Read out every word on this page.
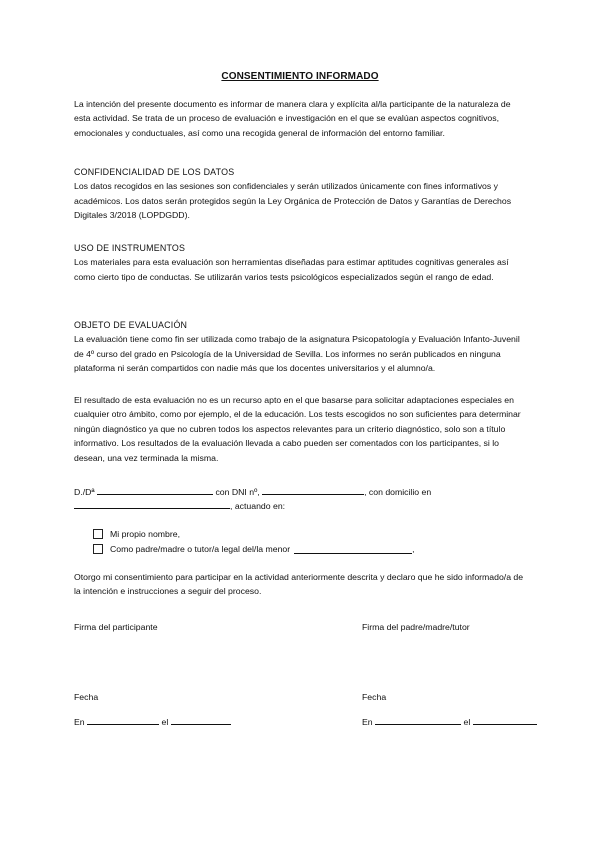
CONSENTIMIENTO INFORMADO

La intención del presente documento es informar de manera clara y explícita al/la participante de la naturaleza de esta actividad. Se trata de un proceso de evaluación e investigación en el que se evalúan aspectos cognitivos, emocionales y conductuales, así como una recogida general de información del entorno familiar.

CONFIDENCIALIDAD DE LOS DATOS

Los datos recogidos en las sesiones son confidenciales y serán utilizados únicamente con fines informativos y académicos. Los datos serán protegidos según la Ley Orgánica de Protección de Datos y Garantías de Derechos Digitales 3/2018 (LOPDGDD).

USO DE INSTRUMENTOS

Los materiales para esta evaluación son herramientas diseñadas para estimar aptitudes cognitivas generales así como cierto tipo de conductas. Se utilizarán varios tests psicológicos especializados según el rango de edad.

OBJETO DE EVALUACIÓN

La evaluación tiene como fin ser utilizada como trabajo de la asignatura Psicopatología y Evaluación Infanto-Juvenil de 4º curso del grado en Psicología de la Universidad de Sevilla. Los informes no serán publicados en ninguna plataforma ni serán compartidos con nadie más que los docentes universitarios y el alumno/a.

El resultado de esta evaluación no es un recurso apto en el que basarse para solicitar adaptaciones especiales en cualquier otro ámbito, como por ejemplo, el de la educación. Los tests escogidos no son suficientes para determinar ningún diagnóstico ya que no cubren todos los aspectos relevantes para un criterio diagnóstico, solo son a título informativo. Los resultados de la evaluación llevada a cabo pueden ser comentados con los participantes, si lo desean, una vez terminada la misma.

D./Dª	con DNI nº,	, con domicilio en

, actuando en:

Mi propio nombre,
Como padre/madre o tutor/a legal del/la menor	,

Otorgo mi consentimiento para participar en la actividad anteriormente descrita y declaro que he sido informado/a de la intención e instrucciones a seguir del proceso.

Firma del participante	Firma del padre/madre/tutor
Fecha	Fecha
En	el	En	el
